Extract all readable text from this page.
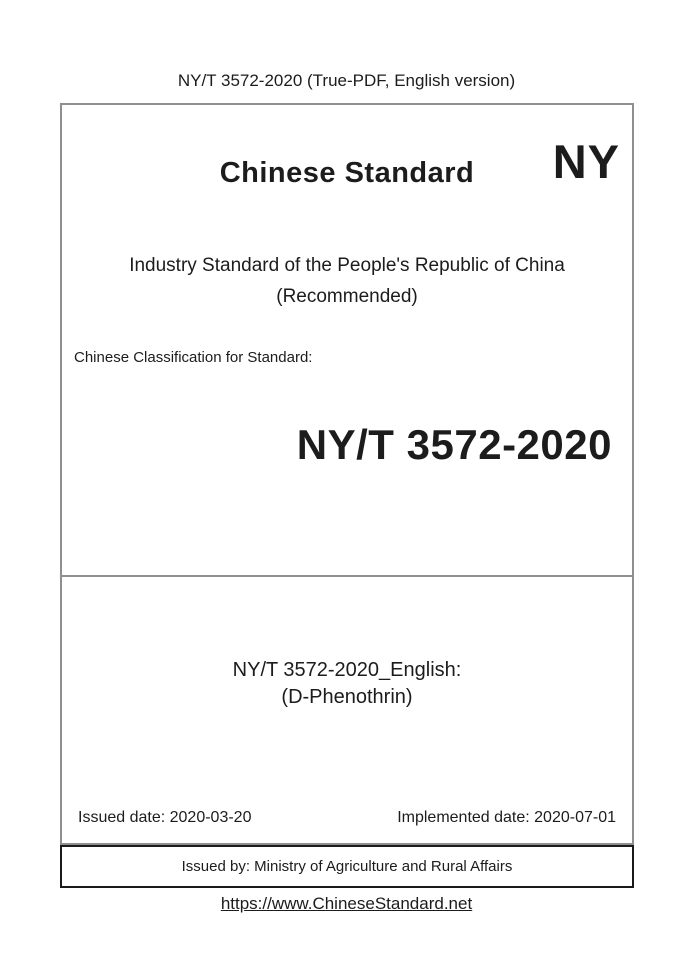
NY/T 3572-2020 (True-PDF, English version)
Chinese Standard	NY
Industry Standard of the People's Republic of China
(Recommended)
Chinese Classification for Standard:
NY/T 3572-2020
NY/T 3572-2020_English:
(D-Phenothrin)
Issued date: 2020-03-20	Implemented date: 2020-07-01
Issued by: Ministry of Agriculture and Rural Affairs
https://www.ChineseStandard.net
